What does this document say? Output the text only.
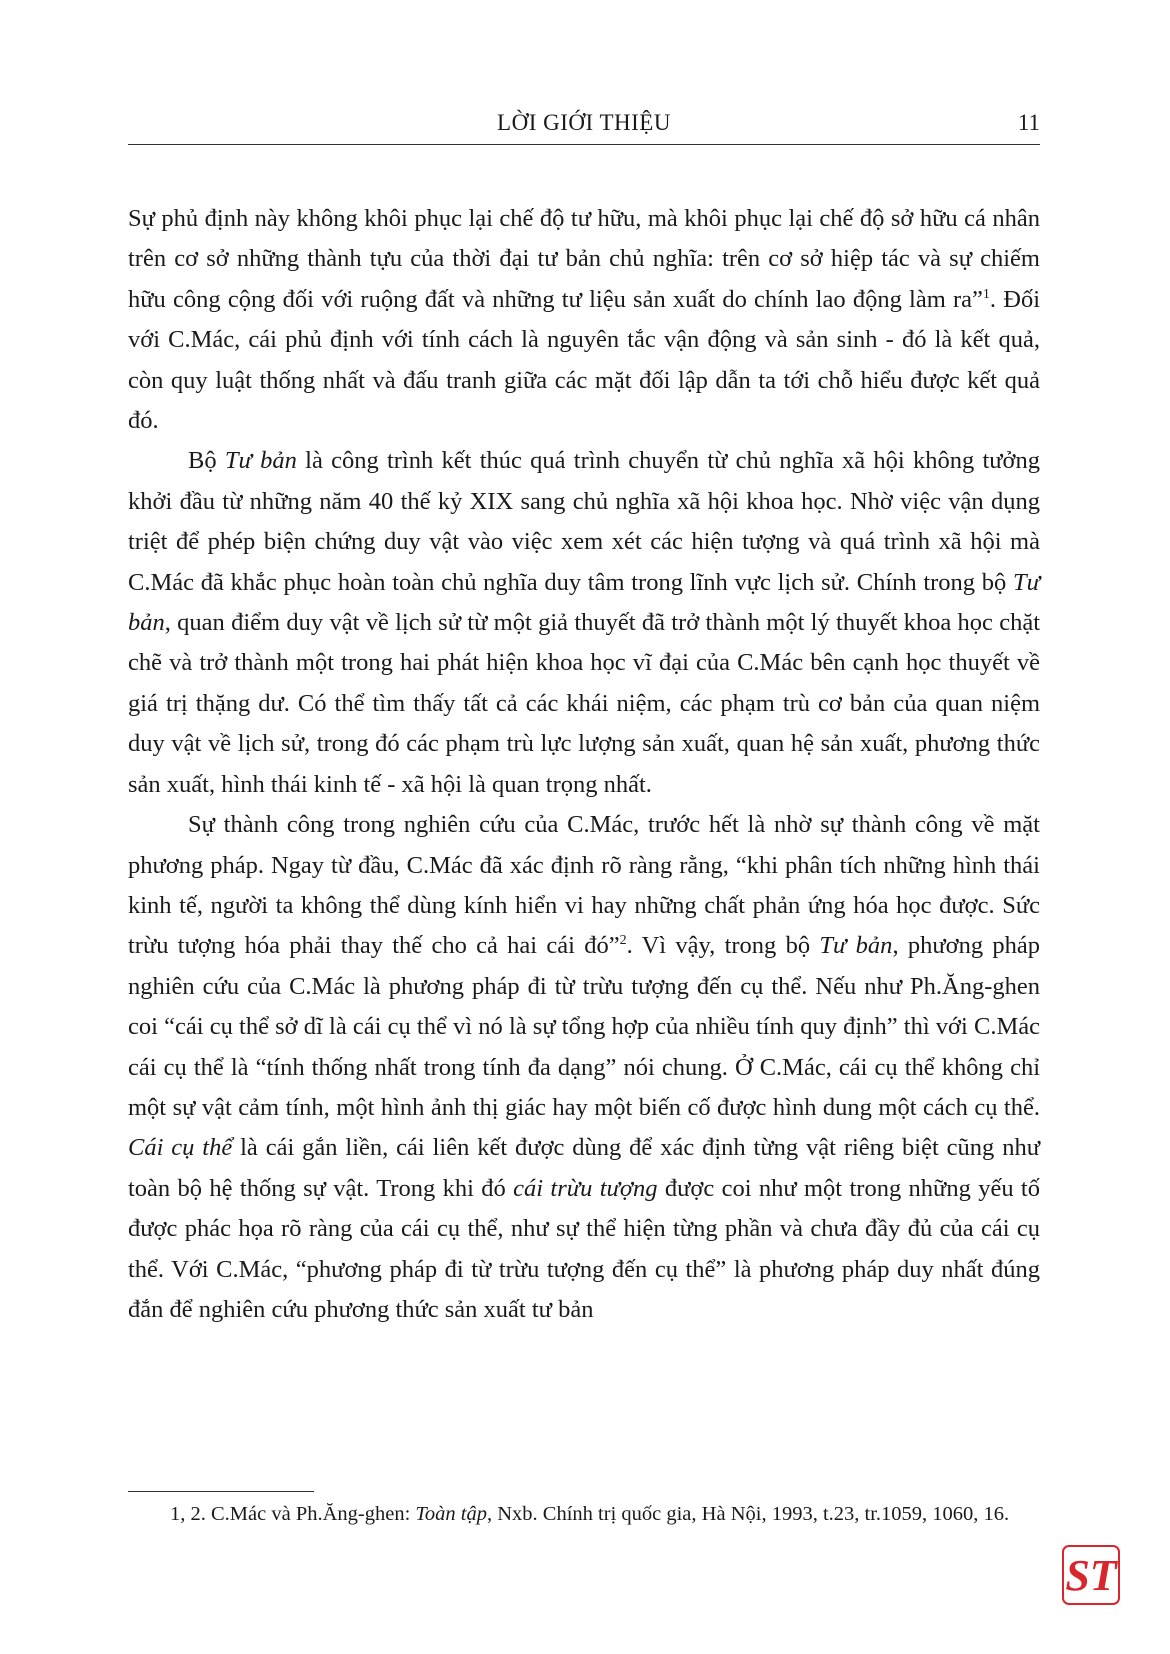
LỜI GIỚI THIỆU	11

Sự phủ định này không khôi phục lại chế độ tư hữu, mà khôi phục lại chế độ sở hữu cá nhân trên cơ sở những thành tựu của thời đại tư bản chủ nghĩa: trên cơ sở hiệp tác và sự chiếm hữu công cộng đối với ruộng đất và những tư liệu sản xuất do chính lao động làm ra”$^1$. Đối với C.Mác, cái phủ định với tính cách là nguyên tắc vận động và sản sinh - đó là kết quả, còn quy luật thống nhất và đấu tranh giữa các mặt đối lập dẫn ta tới chỗ hiểu được kết quả đó.

Bộ Tư bản là công trình kết thúc quá trình chuyển từ chủ nghĩa xã hội không tưởng khởi đầu từ những năm 40 thế kỷ XIX sang chủ nghĩa xã hội khoa học. Nhờ việc vận dụng triệt để phép biện chứng duy vật vào việc xem xét các hiện tượng và quá trình xã hội mà C.Mác đã khắc phục hoàn toàn chủ nghĩa duy tâm trong lĩnh vực lịch sử. Chính trong bộ Tư bản, quan điểm duy vật về lịch sử từ một giả thuyết đã trở thành một lý thuyết khoa học chặt chẽ và trở thành một trong hai phát hiện khoa học vĩ đại của C.Mác bên cạnh học thuyết về giá trị thặng dư. Có thể tìm thấy tất cả các khái niệm, các phạm trù cơ bản của quan niệm duy vật về lịch sử, trong đó các phạm trù lực lượng sản xuất, quan hệ sản xuất, phương thức sản xuất, hình thái kinh tế - xã hội là quan trọng nhất.

Sự thành công trong nghiên cứu của C.Mác, trước hết là nhờ sự thành công về mặt phương pháp. Ngay từ đầu, C.Mác đã xác định rõ ràng rằng, “khi phân tích những hình thái kinh tế, người ta không thể dùng kính hiển vi hay những chất phản ứng hóa học được. Sức trừu tượng hóa phải thay thế cho cả hai cái đó”$^2$. Vì vậy, trong bộ Tư bản, phương pháp nghiên cứu của C.Mác là phương pháp đi từ trừu tượng đến cụ thể. Nếu như Ph.Ăng-ghen coi “cái cụ thể sở dĩ là cái cụ thể vì nó là sự tổng hợp của nhiều tính quy định” thì với C.Mác cái cụ thể là “tính thống nhất trong tính đa dạng” nói chung. Ở C.Mác, cái cụ thể không chỉ một sự vật cảm tính, một hình ảnh thị giác hay một biến cố được hình dung một cách cụ thể. Cái cụ thể là cái gắn liền, cái liên kết được dùng để xác định từng vật riêng biệt cũng như toàn bộ hệ thống sự vật. Trong khi đó cái trừu tượng được coi như một trong những yếu tố được phác họa rõ ràng của cái cụ thể, như sự thể hiện từng phần và chưa đầy đủ của cái cụ thể. Với C.Mác, “phương pháp đi từ trừu tượng đến cụ thể” là phương pháp duy nhất đúng đắn để nghiên cứu phương thức sản xuất tư bản

1, 2. C.Mác và Ph.Ăng-ghen: Toàn tập, Nxb. Chính trị quốc gia, Hà Nội, 1993, t.23, tr.1059, 1060, 16.
ST
